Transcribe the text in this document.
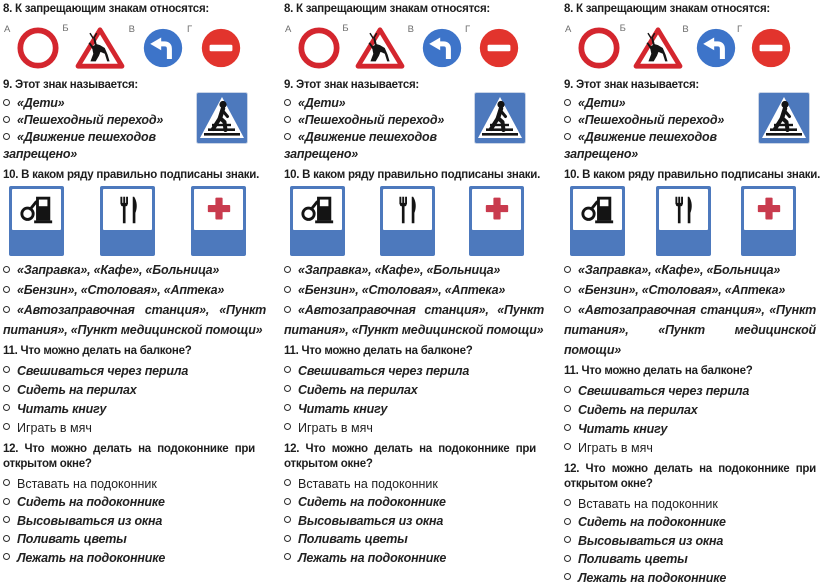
8. К запрещающим знакам относятся:
А	Б	В	Г
9. Этот знак называется:
«Дети»
«Пешеходный переход»
«Движение пешеходов запрещено»
10. В каком ряду правильно подписаны знаки.
«Заправка», «Кафе», «Больница»
«Бензин», «Столовая», «Аптека»
«Автозаправочная станция», «Пункт питания», «Пункт медицинской помощи»
11. Что можно делать на балконе?
Свешиваться через перила
Сидеть на перилах
Читать книгу
Играть в мяч
12. Что можно делать на подоконнике при открытом окне?
Вставать на подоконник
Сидеть на подоконнике
Высовываться из окна
Поливать цветы
Лежать на подоконнике
8. К запрещающим знакам относятся:
А	Б	В	Г
9. Этот знак называется:
«Дети»
«Пешеходный переход»
«Движение пешеходов запрещено»
10. В каком ряду правильно подписаны знаки.
«Заправка», «Кафе», «Больница»
«Бензин», «Столовая», «Аптека»
«Автозаправочная станция», «Пункт питания», «Пункт медицинской помощи»
11. Что можно делать на балконе?
Свешиваться через перила
Сидеть на перилах
Читать книгу
Играть в мяч
12. Что можно делать на подоконнике при открытом окне?
Вставать на подоконник
Сидеть на подоконнике
Высовываться из окна
Поливать цветы
Лежать на подоконнике
8. К запрещающим знакам относятся:
А	Б	В	Г
9. Этот знак называется:
«Дети»
«Пешеходный переход»
«Движение пешеходов запрещено»
10. В каком ряду правильно подписаны знаки.
«Заправка», «Кафе», «Больница»
«Бензин», «Столовая», «Аптека»
«Автозаправочная станция», «Пункт питания», «Пункт медицинской помощи»
11. Что можно делать на балконе?
Свешиваться через перила
Сидеть на перилах
Читать книгу
Играть в мяч
12. Что можно делать на подоконнике при открытом окне?
Вставать на подоконник
Сидеть на подоконнике
Высовываться из окна
Поливать цветы
Лежать на подоконнике
